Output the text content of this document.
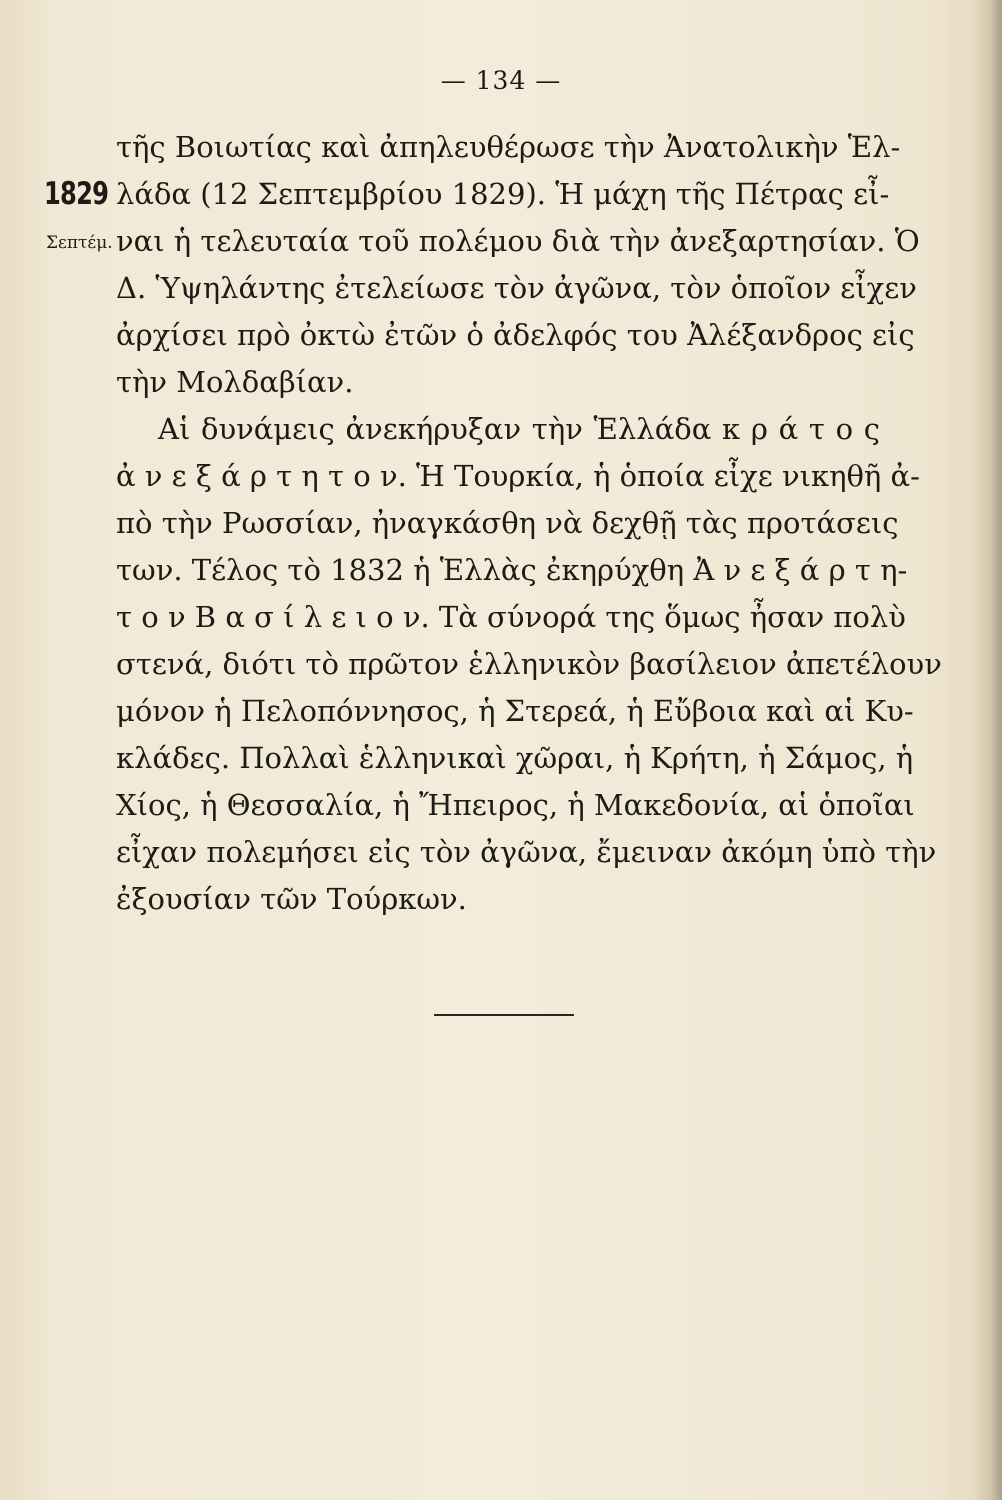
— 134 —
1829
Σεπτέμ.
τῆς Βοιωτίας καὶ ἀπηλευθέρωσε τὴν Ἀνατολικὴν Ἑλ-
λάδα (12 Σεπτεμβρίου 1829). Ἡ μάχη τῆς Πέτρας εἶ-
ναι ἡ τελευταία τοῦ πολέμου διὰ τὴν ἀνεξαρτησίαν. Ὁ
Δ. Ὑψηλάντης ἐτελείωσε τὸν ἀγῶνα, τὸν ὁποῖον εἶχεν
ἀρχίσει πρὸ ὀκτὼ ἐτῶν ὁ ἀδελφός του Ἀλέξανδρος εἰς
τὴν Μολδαβίαν.
Αἱ δυνάμεις ἀνεκήρυξαν τὴν Ἑλλάδα κ ρ ά τ ο ς
ἀ ν ε ξ ά ρ τ η τ ο ν. Ἡ Τουρκία, ἡ ὁποία εἶχε νικηθῆ ἀ-
πὸ τὴν Ρωσσίαν, ἠναγκάσθη νὰ δεχθῇ τὰς προτάσεις
των. Τέλος τὸ 1832 ἡ Ἑλλὰς ἐκηρύχθη Ἀ ν ε ξ ά ρ τ η-
τ ο ν Β α σ ί λ ε ι ο ν. Τὰ σύνορά της ὅμως ἦσαν πολὺ
στενά, διότι τὸ πρῶτον ἑλληνικὸν βασίλειον ἀπετέλουν
μόνον ἡ Πελοπόννησος, ἡ Στερεά, ἡ Εὔβοια καὶ αἱ Κυ-
κλάδες. Πολλαὶ ἑλληνικαὶ χῶραι, ἡ Κρήτη, ἡ Σάμος, ἡ
Χίος, ἡ Θεσσαλία, ἡ Ἤπειρος, ἡ Μακεδονία, αἱ ὁποῖαι
εἶχαν πολεμήσει εἰς τὸν ἀγῶνα, ἔμειναν ἀκόμη ὑπὸ τὴν
ἐξουσίαν τῶν Τούρκων.
